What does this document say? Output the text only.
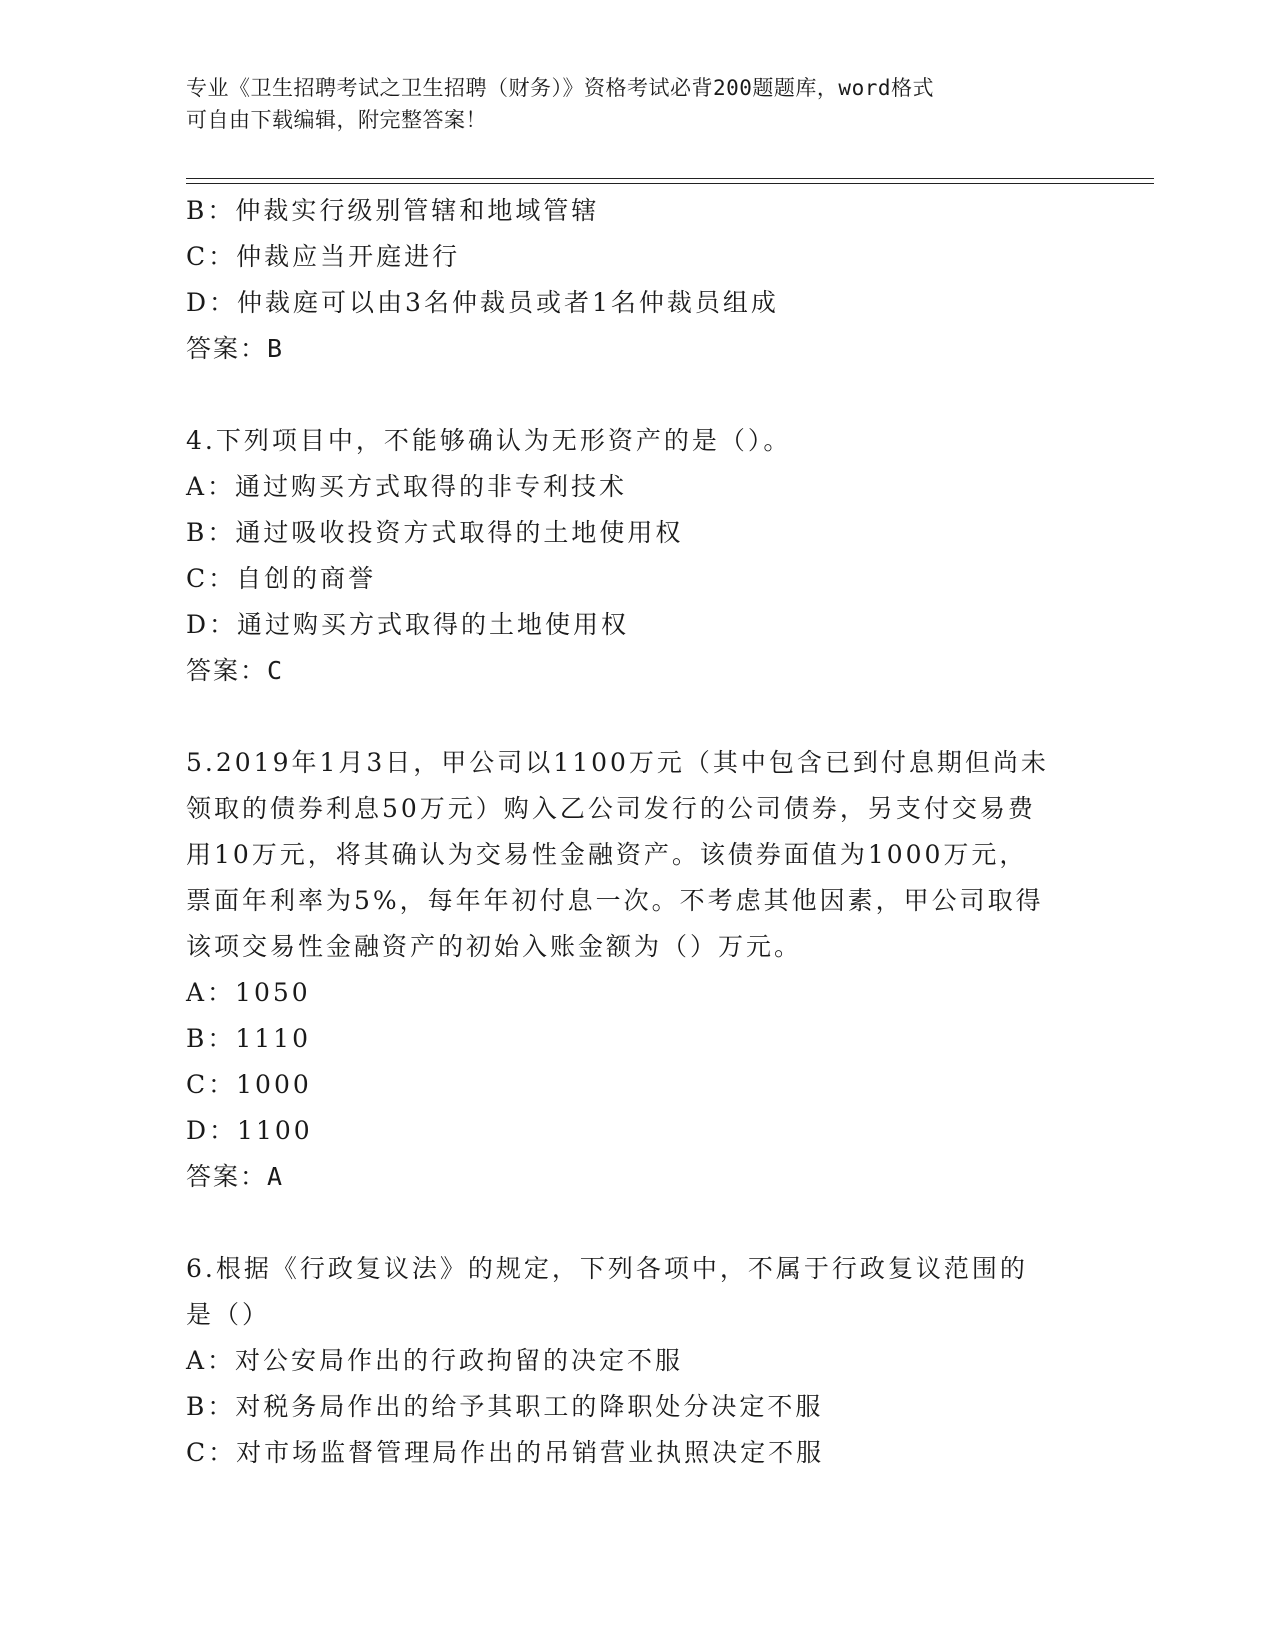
专业《卫生招聘考试之卫生招聘（财务）》资格考试必背200题题库，word格式
可自由下载编辑，附完整答案！
B：仲裁实行级别管辖和地域管辖
C：仲裁应当开庭进行
D：仲裁庭可以由3名仲裁员或者1名仲裁员组成
答案：B
4.下列项目中，不能够确认为无形资产的是（）。
A：通过购买方式取得的非专利技术
B：通过吸收投资方式取得的土地使用权
C：自创的商誉
D：通过购买方式取得的土地使用权
答案：C
5.2019年1月3日，甲公司以1100万元（其中包含已到付息期但尚未
领取的债券利息50万元）购入乙公司发行的公司债券，另支付交易费
用10万元，将其确认为交易性金融资产。该债券面值为1000万元，
票面年利率为5%，每年年初付息一次。不考虑其他因素，甲公司取得
该项交易性金融资产的初始入账金额为（）万元。
A：1050
B：1110
C：1000
D：1100
答案：A
6.根据《行政复议法》的规定，下列各项中，不属于行政复议范围的
是（）
A：对公安局作出的行政拘留的决定不服
B：对税务局作出的给予其职工的降职处分决定不服
C：对市场监督管理局作出的吊销营业执照决定不服
